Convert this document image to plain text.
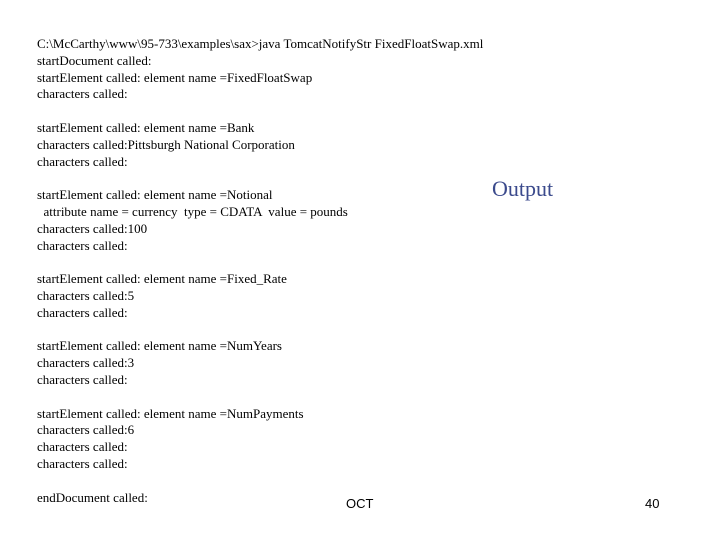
C:\McCarthy\www\95-733\examples\sax>java TomcatNotifyStr FixedFloatSwap.xml
startDocument called:
startElement called: element name =FixedFloatSwap
characters called:
startElement called: element name =Bank
characters called:Pittsburgh National Corporation
characters called:
startElement called: element name =Notional
attribute name = currency  type = CDATA  value = pounds
characters called:100
characters called:
startElement called: element name =Fixed_Rate
characters called:5
characters called:
startElement called: element name =NumYears
characters called:3
characters called:
startElement called: element name =NumPayments
characters called:6
characters called:
characters called:
endDocument called:
Output
OCT	40
